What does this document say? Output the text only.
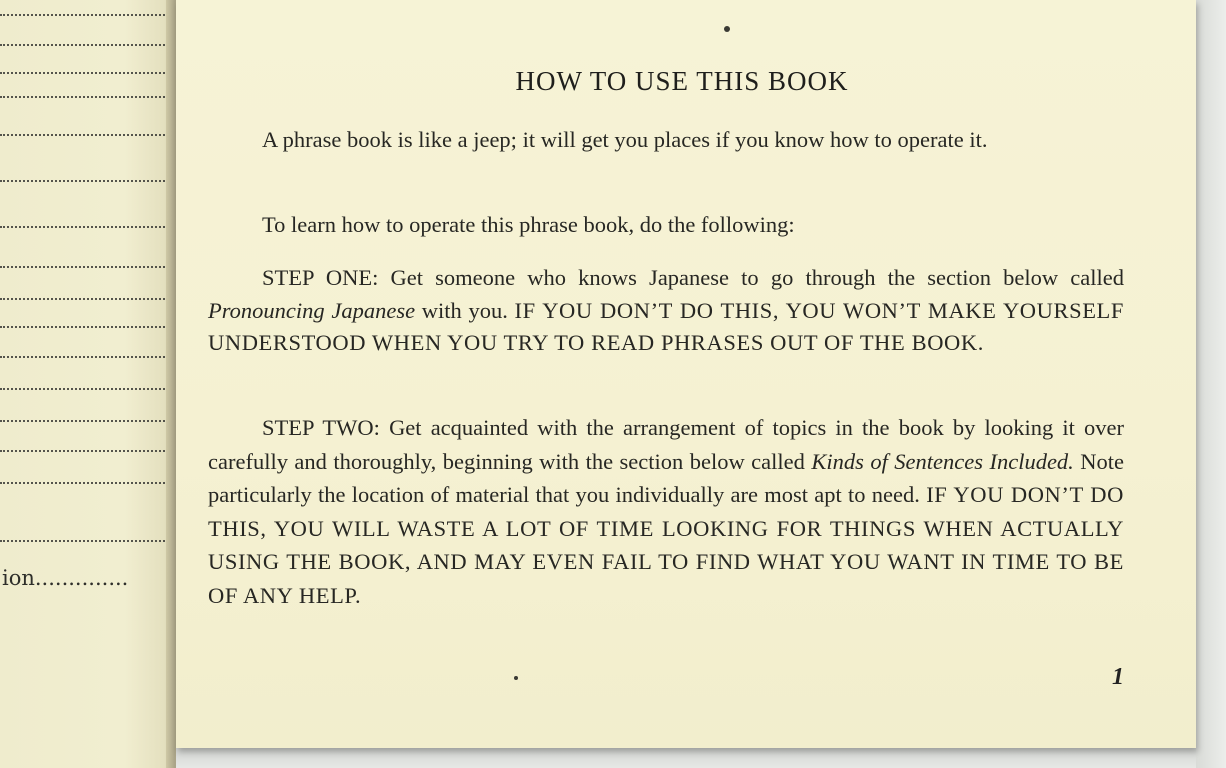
ion..............
HOW TO USE THIS BOOK
A phrase book is like a jeep; it will get you places if you know how to operate it.
To learn how to operate this phrase book, do the following:
STEP ONE: Get someone who knows Japanese to go through the section below called Pronouncing Japanese with you. IF YOU DON’T DO THIS, YOU WON’T MAKE YOURSELF UNDERSTOOD WHEN YOU TRY TO READ PHRASES OUT OF THE BOOK.
STEP TWO: Get acquainted with the arrangement of topics in the book by looking it over carefully and thoroughly, beginning with the section below called Kinds of Sentences Included. Note particularly the location of material that you individually are most apt to need. IF YOU DON’T DO THIS, YOU WILL WASTE A LOT OF TIME LOOKING FOR THINGS WHEN ACTUALLY USING THE BOOK, AND MAY EVEN FAIL TO FIND WHAT YOU WANT IN TIME TO BE OF ANY HELP.
1
